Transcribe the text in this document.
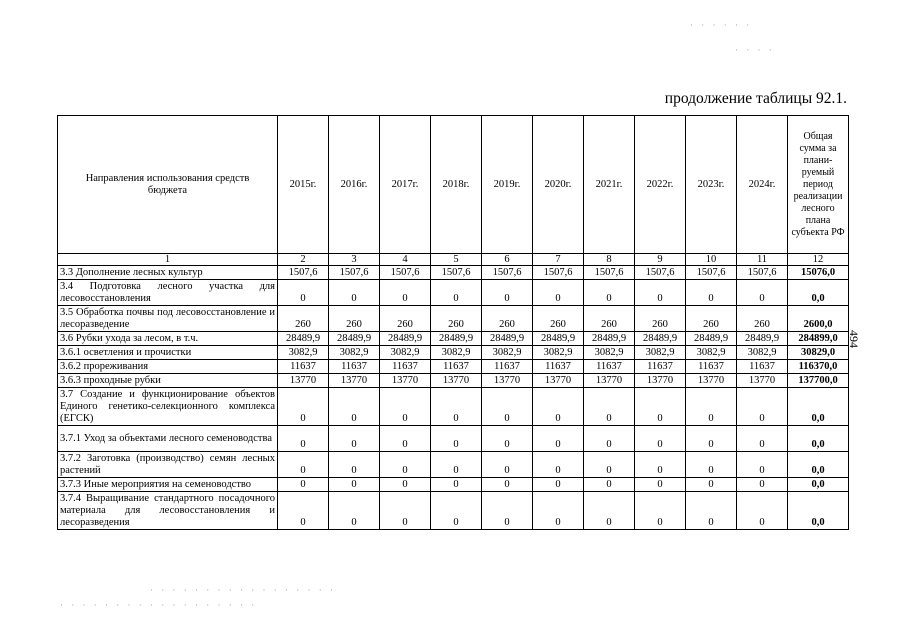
продолжение таблицы 92.1.
494
· · · · · ·
· · · ·
· · · · · · · · · · · · · · · · ·
· · · · · · · · · · · · · · · · · ·
Направления использования средств бюджета	2015г.	2016г.	2017г.	2018г.	2019г.	2020г.	2021г.	2022г.	2023г.	2024г.	Общая сумма за плани-руемый период реализации лесного плана субъекта РФ
1	2	3	4	5	6	7	8	9	10	11	12
3.3 Дополнение лесных культур	1507,6	1507,6	1507,6	1507,6	1507,6	1507,6	1507,6	1507,6	1507,6	1507,6	15076,0
3.4 Подготовка лесного участка для лесовосстановления	0	0	0	0	0	0	0	0	0	0	0,0
3.5 Обработка почвы под лесовосстановление и лесоразведение	260	260	260	260	260	260	260	260	260	260	2600,0
3.6 Рубки ухода за лесом, в т.ч.	28489,9	28489,9	28489,9	28489,9	28489,9	28489,9	28489,9	28489,9	28489,9	28489,9	284899,0
3.6.1 осветления и прочистки	3082,9	3082,9	3082,9	3082,9	3082,9	3082,9	3082,9	3082,9	3082,9	3082,9	30829,0
3.6.2 прореживания	11637	11637	11637	11637	11637	11637	11637	11637	11637	11637	116370,0
3.6.3 проходные рубки	13770	13770	13770	13770	13770	13770	13770	13770	13770	13770	137700,0
3.7 Создание и функционирование объектов Единого генетико-селекционного комплекса (ЕГСК)	0	0	0	0	0	0	0	0	0	0	0,0
3.7.1 Уход за объектами лесного семеноводства	0	0	0	0	0	0	0	0	0	0	0,0
3.7.2 Заготовка (производство) семян лесных растений	0	0	0	0	0	0	0	0	0	0	0,0
3.7.3 Иные мероприятия на семеноводство	0	0	0	0	0	0	0	0	0	0	0,0
3.7.4 Выращивание стандартного посадочного материала для лесовосстановления и лесоразведения	0	0	0	0	0	0	0	0	0	0	0,0
